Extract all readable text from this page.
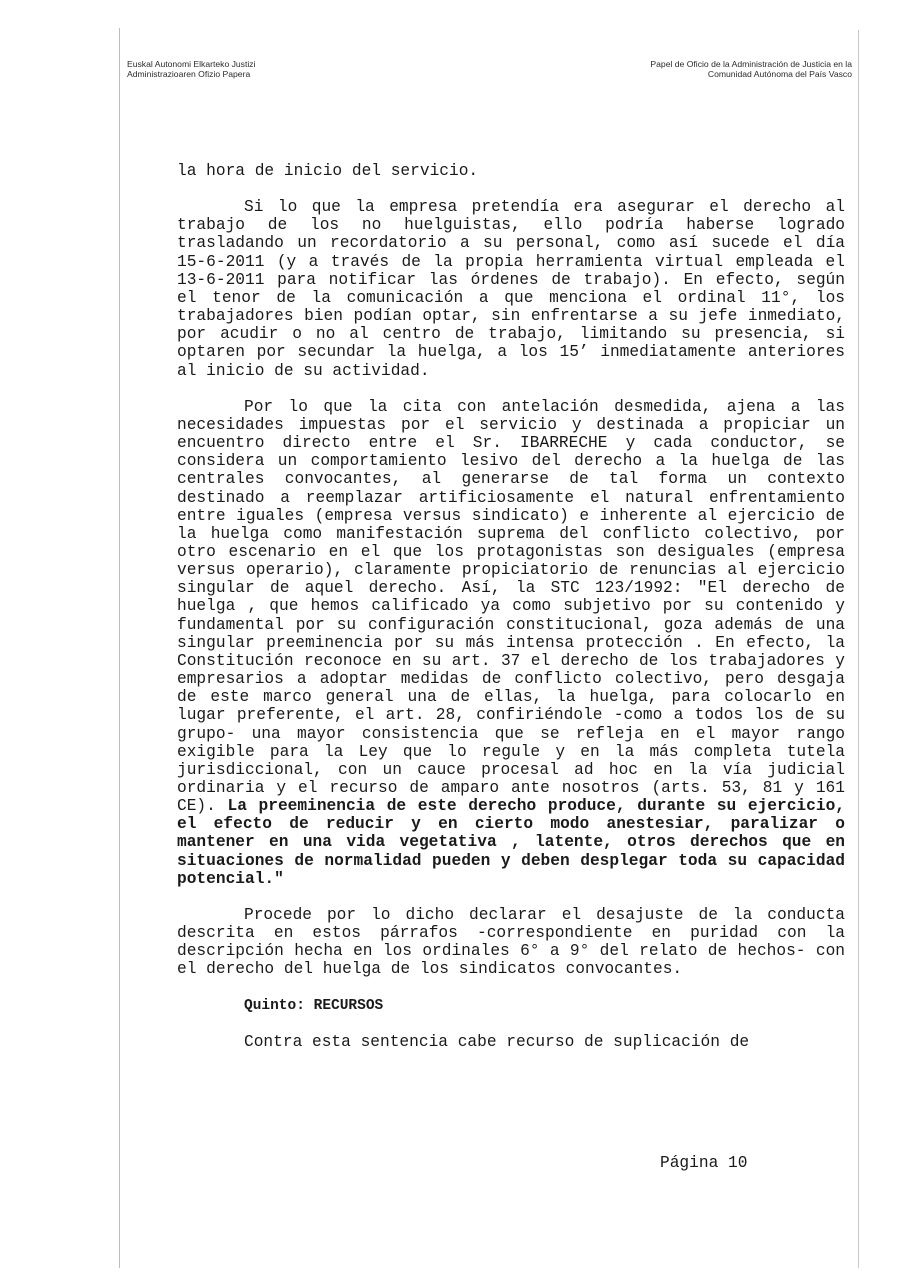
Euskal Autonomi Elkarteko Justizi
Administrazioaren Ofizio Papera
Papel de Oficio de la Administración de Justicia en la
Comunidad Autónoma del País Vasco

la hora de inicio del servicio.

Si lo que la empresa pretendía era asegurar el derecho al trabajo de los no huelguistas, ello podría haberse logrado trasladando un recordatorio a su personal, como así sucede el día 15-6-2011 (y a través de la propia herramienta virtual empleada el 13-6-2011 para notificar las órdenes de trabajo). En efecto, según el tenor de la comunicación a que menciona el ordinal 11°, los trabajadores bien podían optar, sin enfrentarse a su jefe inmediato, por acudir o no al centro de trabajo, limitando su presencia, si optaren por secundar la huelga, a los 15’ inmediatamente anteriores al inicio de su actividad.

Por lo que la cita con antelación desmedida, ajena a las necesidades impuestas por el servicio y destinada a propiciar un encuentro directo entre el Sr. IBARRECHE y cada conductor, se considera un comportamiento lesivo del derecho a la huelga de las centrales convocantes, al generarse de tal forma un contexto destinado a reemplazar artificiosamente el natural enfrentamiento entre iguales (empresa versus sindicato) e inherente al ejercicio de la huelga como manifestación suprema del conflicto colectivo, por otro escenario en el que los protagonistas son desiguales (empresa versus operario), claramente propiciatorio de renuncias al ejercicio singular de aquel derecho. Así, la STC 123/1992: "El derecho de huelga , que hemos calificado ya como subjetivo por su contenido y fundamental por su configuración constitucional, goza además de una singular preeminencia por su más intensa protección . En efecto, la Constitución reconoce en su art. 37 el derecho de los trabajadores y empresarios a adoptar medidas de conflicto colectivo, pero desgaja de este marco general una de ellas, la huelga, para colocarlo en lugar preferente, el art. 28, confiriéndole -como a todos los de su grupo- una mayor consistencia que se refleja en el mayor rango exigible para la Ley que lo regule y en la más completa tutela jurisdiccional, con un cauce procesal ad hoc en la vía judicial ordinaria y el recurso de amparo ante nosotros (arts. 53, 81 y 161 CE). La preeminencia de este derecho produce, durante su ejercicio, el efecto de reducir y en cierto modo anestesiar, paralizar o mantener en una vida vegetativa , latente, otros derechos que en situaciones de normalidad pueden y deben desplegar toda su capacidad potencial."

Procede por lo dicho declarar el desajuste de la conducta descrita en estos párrafos -correspondiente en puridad con la descripción hecha en los ordinales 6° a 9° del relato de hechos- con el derecho del huelga de los sindicatos convocantes.

Quinto: RECURSOS

Contra esta sentencia cabe recurso de suplicación de

Página 10
